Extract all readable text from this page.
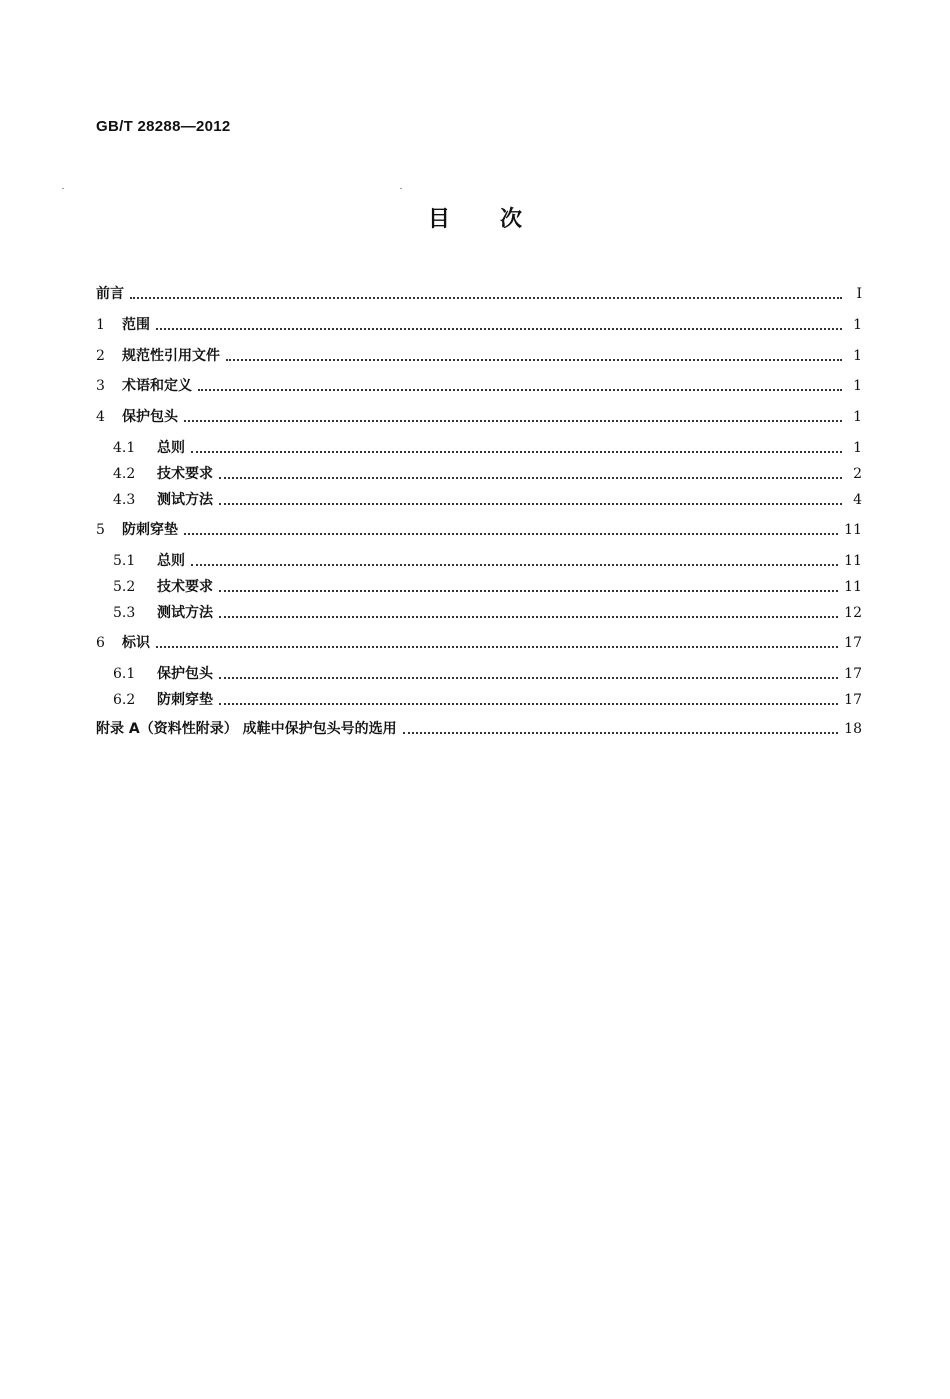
GB/T 28288—2012
目 次
前言	I
1	范围	1
2	规范性引用文件	1
3	术语和定义	1
4	保护包头	1
4.1	总则	1
4.2	技术要求	2
4.3	测试方法	4
5	防刺穿垫	11
5.1	总则	11
5.2	技术要求	11
5.3	测试方法	12
6	标识	17
6.1	保护包头	17
6.2	防刺穿垫	17
附录 A（资料性附录） 成鞋中保护包头号的选用	18
